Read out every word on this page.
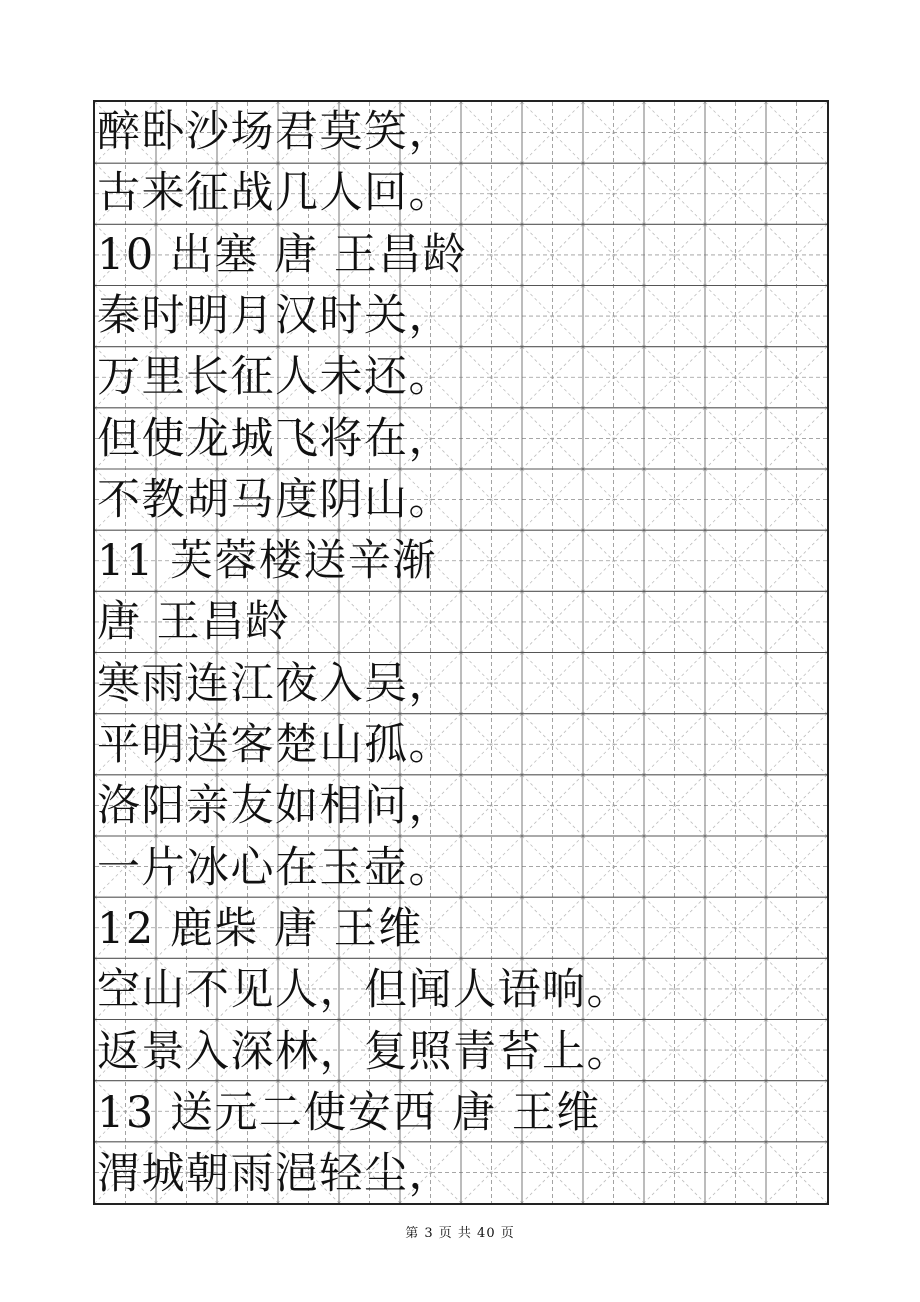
醉卧沙场君莫笑，
古来征战几人回。
10 出塞 唐 王昌龄
秦时明月汉时关，
万里长征人未还。
但使龙城飞将在，
不教胡马度阴山。
11 芙蓉楼送辛渐
唐 王昌龄
寒雨连江夜入吴，
平明送客楚山孤。
洛阳亲友如相问，
一片冰心在玉壶。
12 鹿柴 唐 王维
空山不见人，但闻人语响。
返景入深林，复照青苔上。
13 送元二使安西 唐 王维
渭城朝雨浥轻尘，
第 3 页 共 40 页
